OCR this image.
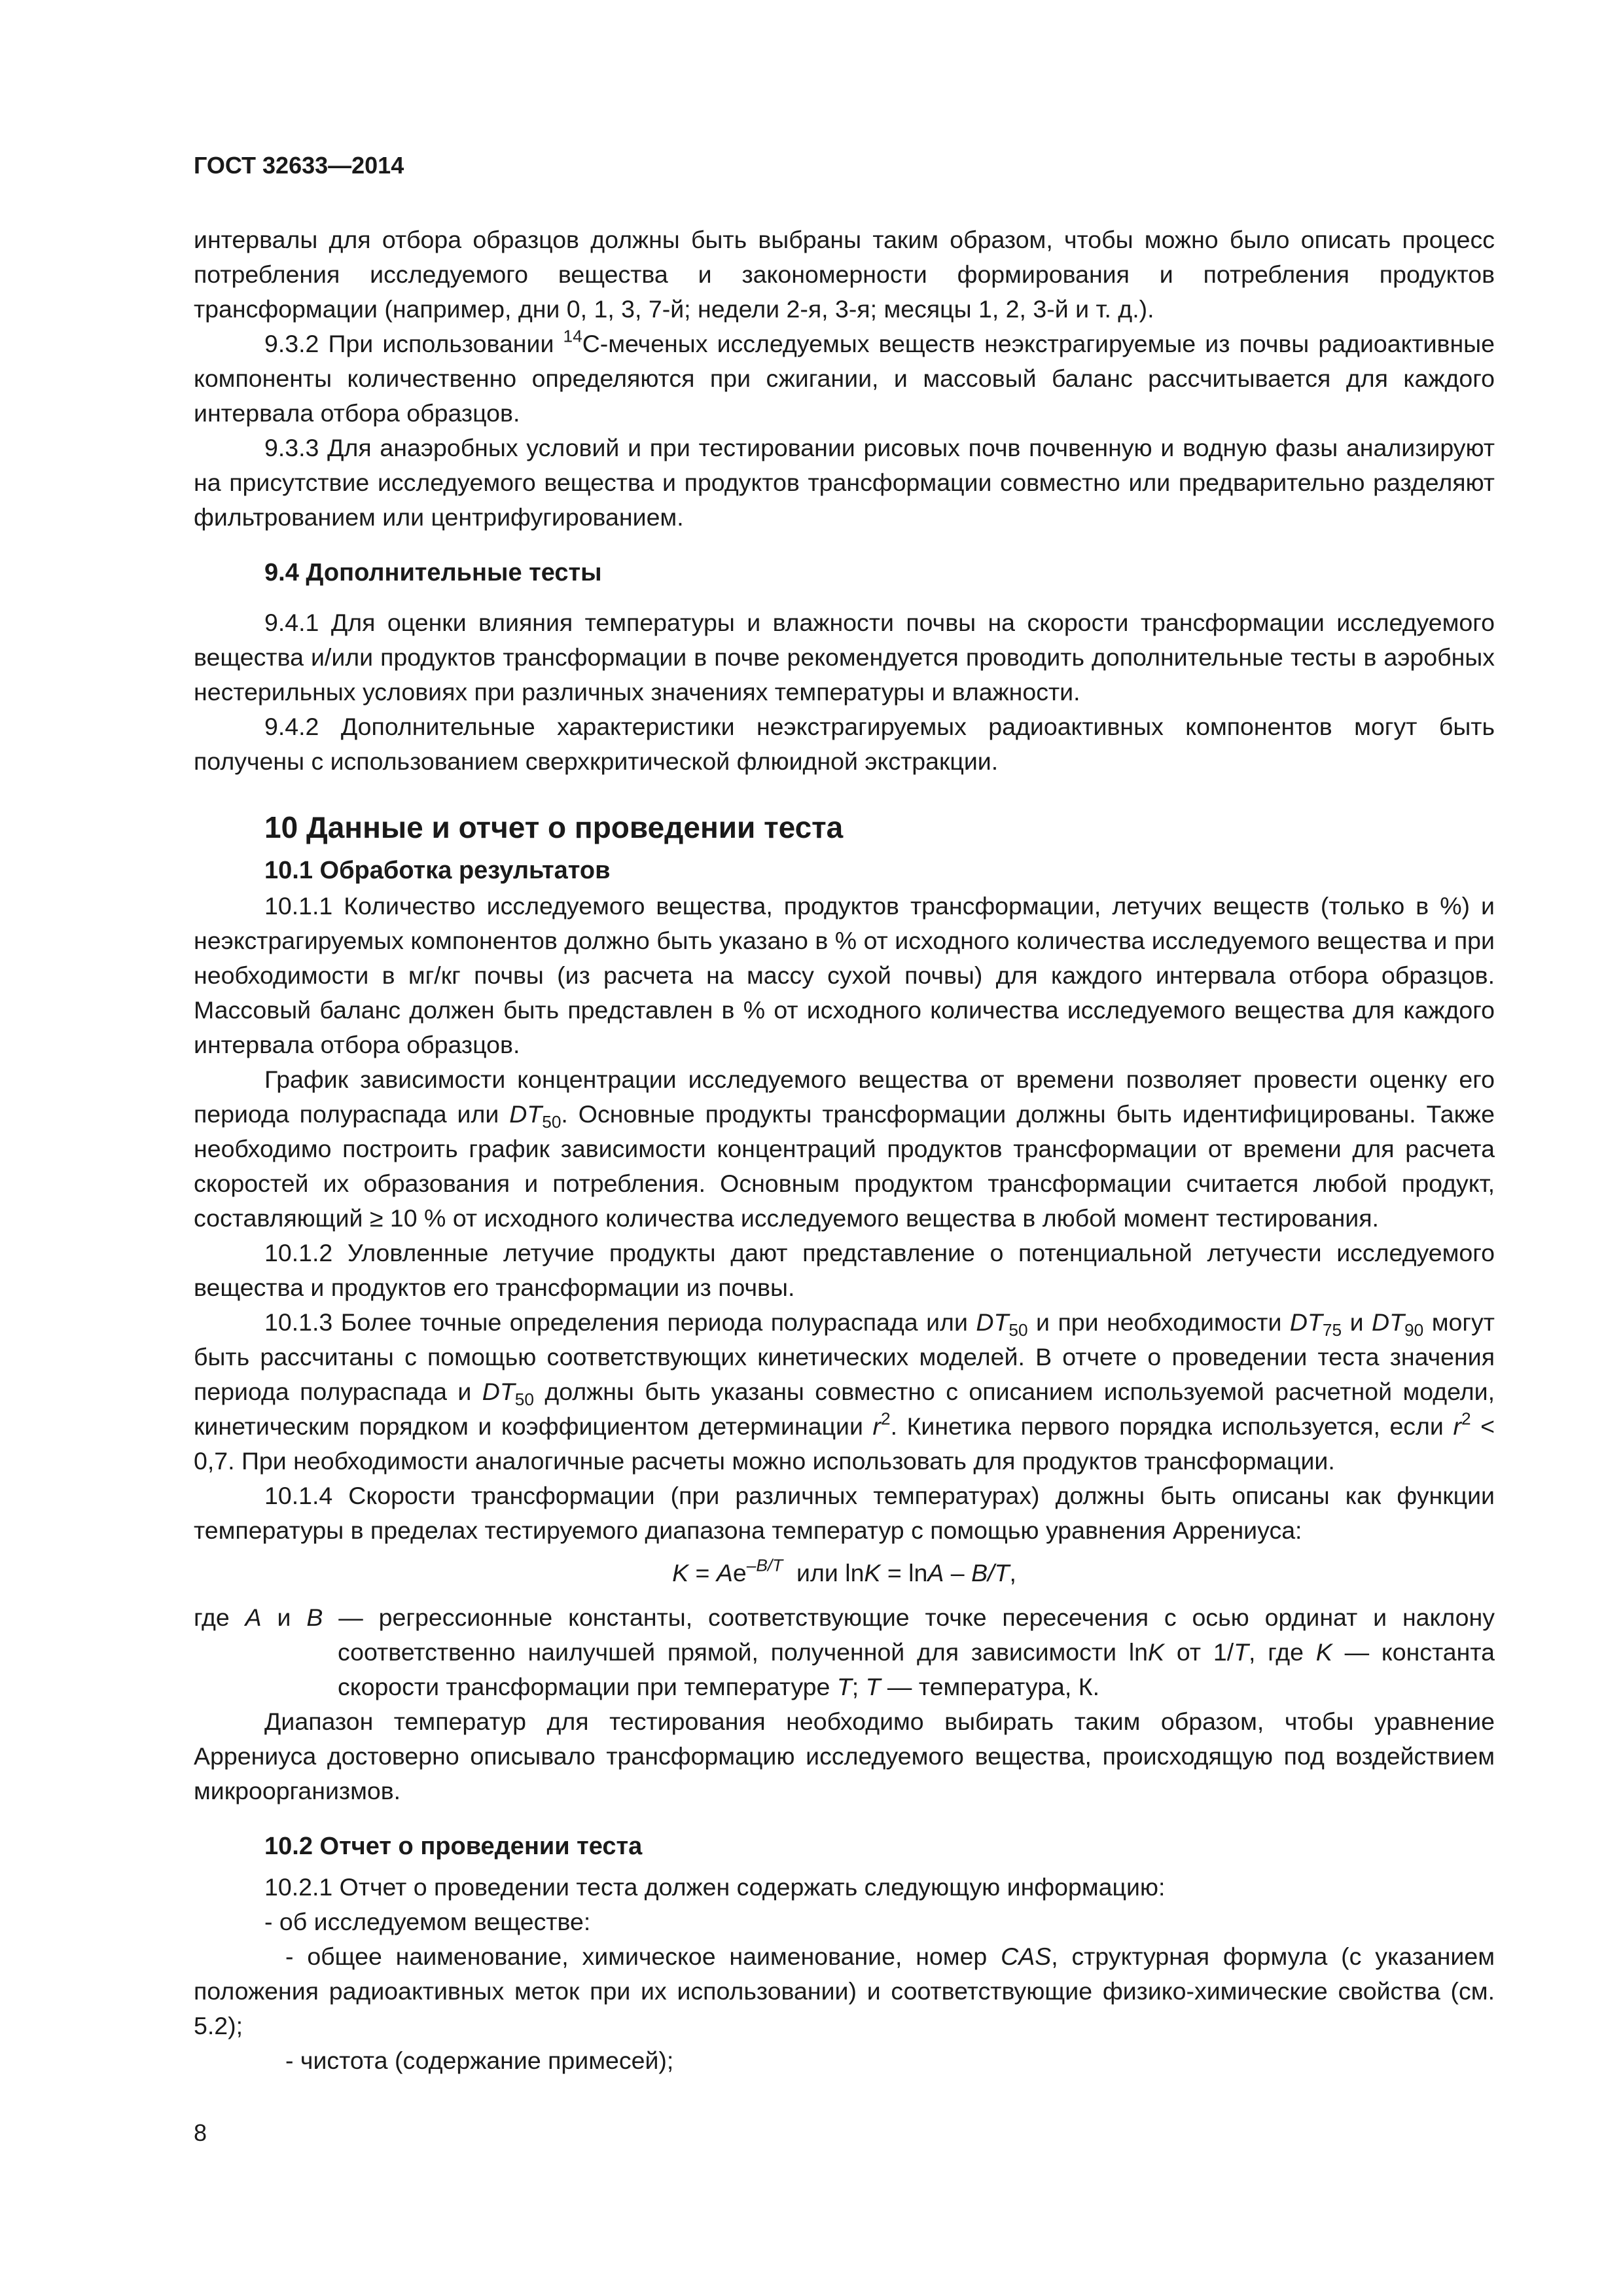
ГОСТ 32633—2014

интервалы для отбора образцов должны быть выбраны таким образом, чтобы можно было описать процесс потребления исследуемого вещества и закономерности формирования и потребления продуктов трансформации (например, дни 0, 1, 3, 7-й; недели 2-я, 3-я; месяцы 1, 2, 3-й и т. д.).

9.3.2 При использовании $^{14}$С-меченых исследуемых веществ неэкстрагируемые из почвы радиоактивные компоненты количественно определяются при сжигании, и массовый баланс рассчитывается для каждого интервала отбора образцов.

9.3.3 Для анаэробных условий и при тестировании рисовых почв почвенную и водную фазы анализируют на присутствие исследуемого вещества и продуктов трансформации совместно или предварительно разделяют фильтрованием или центрифугированием.

9.4 Дополнительные тесты

9.4.1 Для оценки влияния температуры и влажности почвы на скорости трансформации исследуемого вещества и/или продуктов трансформации в почве рекомендуется проводить дополнительные тесты в аэробных нестерильных условиях при различных значениях температуры и влажности.

9.4.2 Дополнительные характеристики неэкстрагируемых радиоактивных компонентов могут быть получены с использованием сверхкритической флюидной экстракции.

10 Данные и отчет о проведении теста
10.1 Обработка результатов

10.1.1 Количество исследуемого вещества, продуктов трансформации, летучих веществ (только в %) и неэкстрагируемых компонентов должно быть указано в % от исходного количества исследуемого вещества и при необходимости в мг/кг почвы (из расчета на массу сухой почвы) для каждого интервала отбора образцов. Массовый баланс должен быть представлен в % от исходного количества исследуемого вещества для каждого интервала отбора образцов.

График зависимости концентрации исследуемого вещества от времени позволяет провести оценку его периода полураспада или $DT_{50}$. Основные продукты трансформации должны быть идентифицированы. Также необходимо построить график зависимости концентраций продуктов трансформации от времени для расчета скоростей их образования и потребления. Основным продуктом трансформации считается любой продукт, составляющий ≥ 10 % от исходного количества исследуемого вещества в любой момент тестирования.

10.1.2 Уловленные летучие продукты дают представление о потенциальной летучести исследуемого вещества и продуктов его трансформации из почвы.

10.1.3 Более точные определения периода полураспада или $DT_{50}$ и при необходимости $DT_{75}$ и $DT_{90}$ могут быть рассчитаны с помощью соответствующих кинетических моделей. В отчете о проведении теста значения периода полураспада и $DT_{50}$ должны быть указаны совместно с описанием используемой расчетной модели, кинетическим порядком и коэффициентом детерминации $r^2$. Кинетика первого порядка используется, если $r^2 < 0,7$. При необходимости аналогичные расчеты можно использовать для продуктов трансформации.

10.1.4 Скорости трансформации (при различных температурах) должны быть описаны как функции температуры в пределах тестируемого диапазона температур с помощью уравнения Аррениуса:

$K = Ae^{-B/T}$  или lnK = lnA – B/T,

где A и B — регрессионные константы, соответствующие точке пересечения с осью ординат и наклону соответственно наилучшей прямой, полученной для зависимости lnK от 1/T, где K — константа скорости трансформации при температуре T; T — температура, К.

Диапазон температур для тестирования необходимо выбирать таким образом, чтобы уравнение Аррениуса достоверно описывало трансформацию исследуемого вещества, происходящую под воздействием микроорганизмов.

10.2 Отчет о проведении теста

10.2.1 Отчет о проведении теста должен содержать следующую информацию:

- об исследуемом веществе:

- общее наименование, химическое наименование, номер CAS, структурная формула (с указанием положения радиоактивных меток при их использовании) и соответствующие физико-химические свойства (см. 5.2);

- чистота (содержание примесей);

8
